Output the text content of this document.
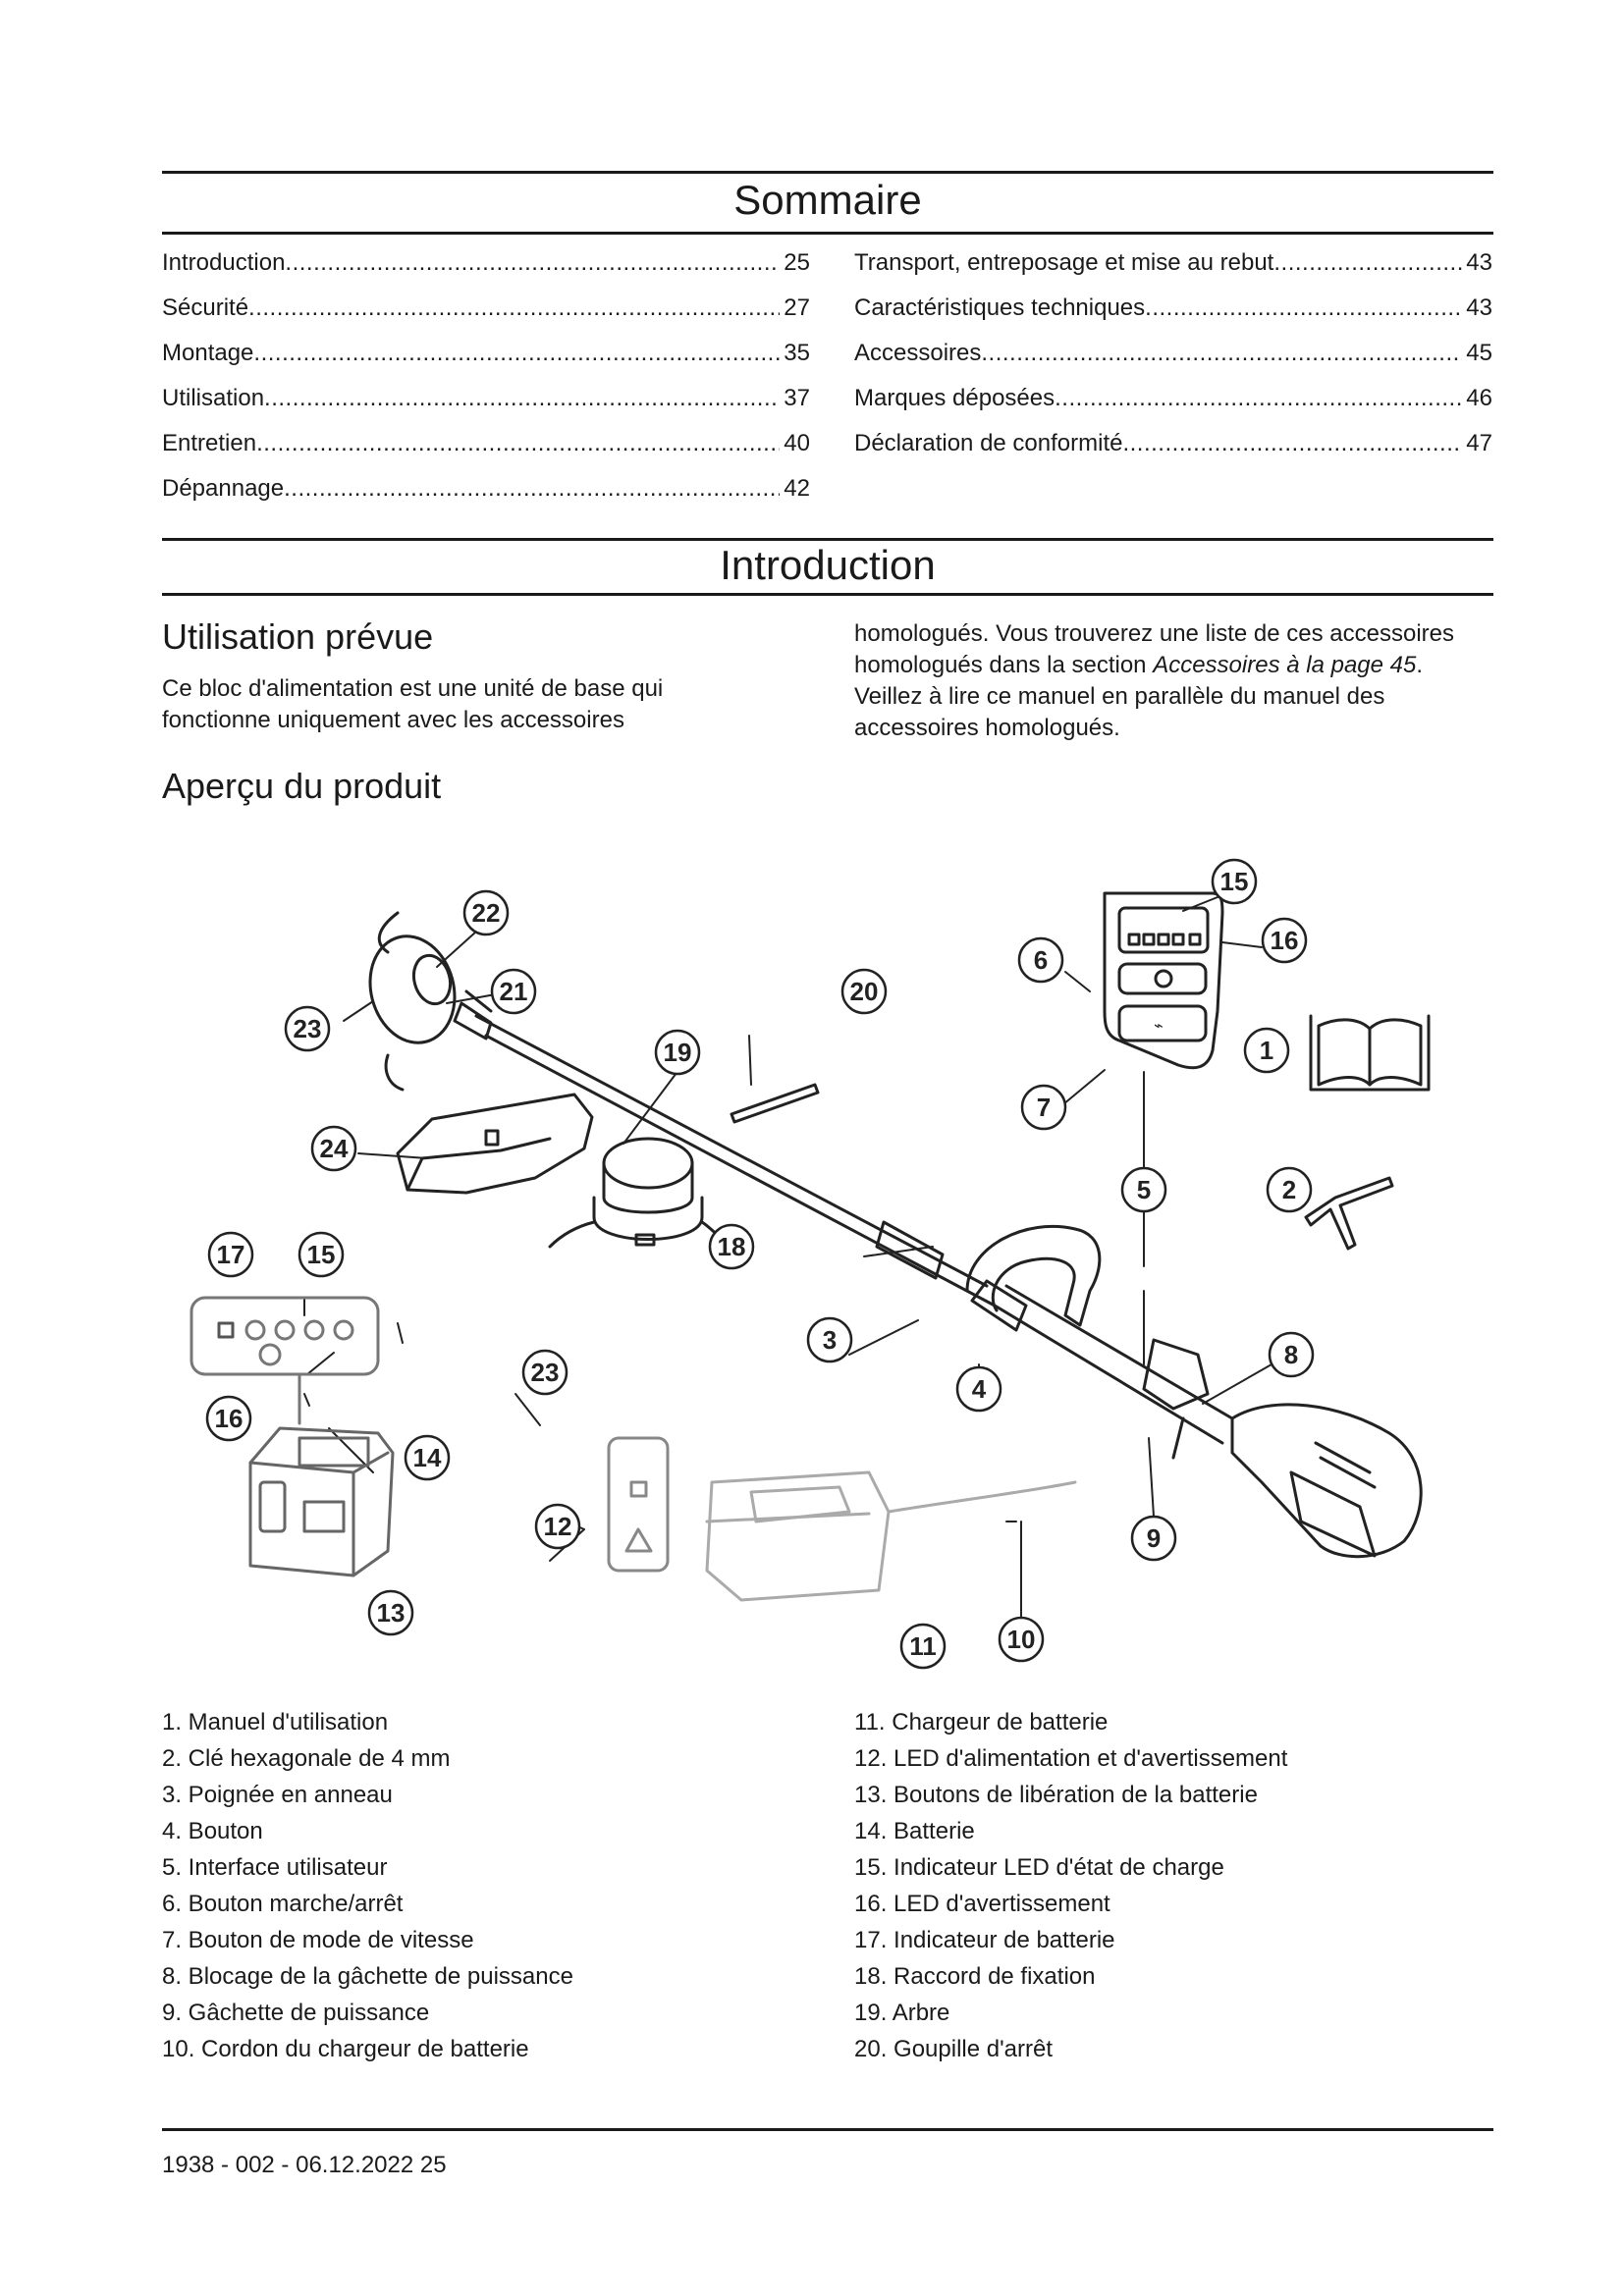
Sommaire
Introduction .....	25
Sécurité .....	27
Montage .....	35
Utilisation .....	37
Entretien .....	40
Dépannage .....	42
Transport, entreposage et mise au rebut .....	43
Caractéristiques techniques .....	43
Accessoires .....	45
Marques déposées .....	46
Déclaration de conformité .....	47
Introduction
Utilisation prévue

Ce bloc d'alimentation est une unité de base qui fonctionne uniquement avec les accessoires

homologués. Vous trouverez une liste de ces accessoires homologués dans la section Accessoires à la page 45. Veillez à lire ce manuel en parallèle du manuel des accessoires homologués.

Aperçu du produit
⌁
22
21
23
24
19
20
15
16
6
7
1
5	2
18
3
4
8
9
10
11
12
13
14
17 15
16
23
1. Manuel d'utilisation
2. Clé hexagonale de 4 mm
3. Poignée en anneau
4. Bouton
5. Interface utilisateur
6. Bouton marche/arrêt
7. Bouton de mode de vitesse
8. Blocage de la gâchette de puissance
9. Gâchette de puissance
10. Cordon du chargeur de batterie
11. Chargeur de batterie
12. LED d'alimentation et d'avertissement
13. Boutons de libération de la batterie
14. Batterie
15. Indicateur LED d'état de charge
16. LED d'avertissement
17. Indicateur de batterie
18. Raccord de fixation
19. Arbre
20. Goupille d'arrêt
1938 - 002 - 06.12.2022 25
